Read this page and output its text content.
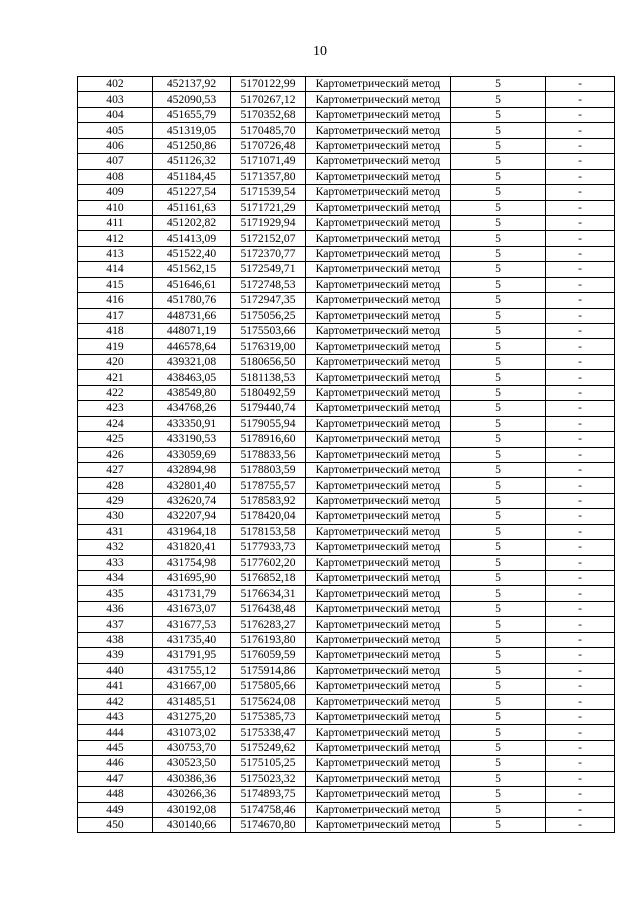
10
402	452137,92	5170122,99	Картометрический метод	5	-
403	452090,53	5170267,12	Картометрический метод	5	-
404	451655,79	5170352,68	Картометрический метод	5	-
405	451319,05	5170485,70	Картометрический метод	5	-
406	451250,86	5170726,48	Картометрический метод	5	-
407	451126,32	5171071,49	Картометрический метод	5	-
408	451184,45	5171357,80	Картометрический метод	5	-
409	451227,54	5171539,54	Картометрический метод	5	-
410	451161,63	5171721,29	Картометрический метод	5	-
411	451202,82	5171929,94	Картометрический метод	5	-
412	451413,09	5172152,07	Картометрический метод	5	-
413	451522,40	5172370,77	Картометрический метод	5	-
414	451562,15	5172549,71	Картометрический метод	5	-
415	451646,61	5172748,53	Картометрический метод	5	-
416	451780,76	5172947,35	Картометрический метод	5	-
417	448731,66	5175056,25	Картометрический метод	5	-
418	448071,19	5175503,66	Картометрический метод	5	-
419	446578,64	5176319,00	Картометрический метод	5	-
420	439321,08	5180656,50	Картометрический метод	5	-
421	438463,05	5181138,53	Картометрический метод	5	-
422	438549,80	5180492,59	Картометрический метод	5	-
423	434768,26	5179440,74	Картометрический метод	5	-
424	433350,91	5179055,94	Картометрический метод	5	-
425	433190,53	5178916,60	Картометрический метод	5	-
426	433059,69	5178833,56	Картометрический метод	5	-
427	432894,98	5178803,59	Картометрический метод	5	-
428	432801,40	5178755,57	Картометрический метод	5	-
429	432620,74	5178583,92	Картометрический метод	5	-
430	432207,94	5178420,04	Картометрический метод	5	-
431	431964,18	5178153,58	Картометрический метод	5	-
432	431820,41	5177933,73	Картометрический метод	5	-
433	431754,98	5177602,20	Картометрический метод	5	-
434	431695,90	5176852,18	Картометрический метод	5	-
435	431731,79	5176634,31	Картометрический метод	5	-
436	431673,07	5176438,48	Картометрический метод	5	-
437	431677,53	5176283,27	Картометрический метод	5	-
438	431735,40	5176193,80	Картометрический метод	5	-
439	431791,95	5176059,59	Картометрический метод	5	-
440	431755,12	5175914,86	Картометрический метод	5	-
441	431667,00	5175805,66	Картометрический метод	5	-
442	431485,51	5175624,08	Картометрический метод	5	-
443	431275,20	5175385,73	Картометрический метод	5	-
444	431073,02	5175338,47	Картометрический метод	5	-
445	430753,70	5175249,62	Картометрический метод	5	-
446	430523,50	5175105,25	Картометрический метод	5	-
447	430386,36	5175023,32	Картометрический метод	5	-
448	430266,36	5174893,75	Картометрический метод	5	-
449	430192,08	5174758,46	Картометрический метод	5	-
450	430140,66	5174670,80	Картометрический метод	5	-
